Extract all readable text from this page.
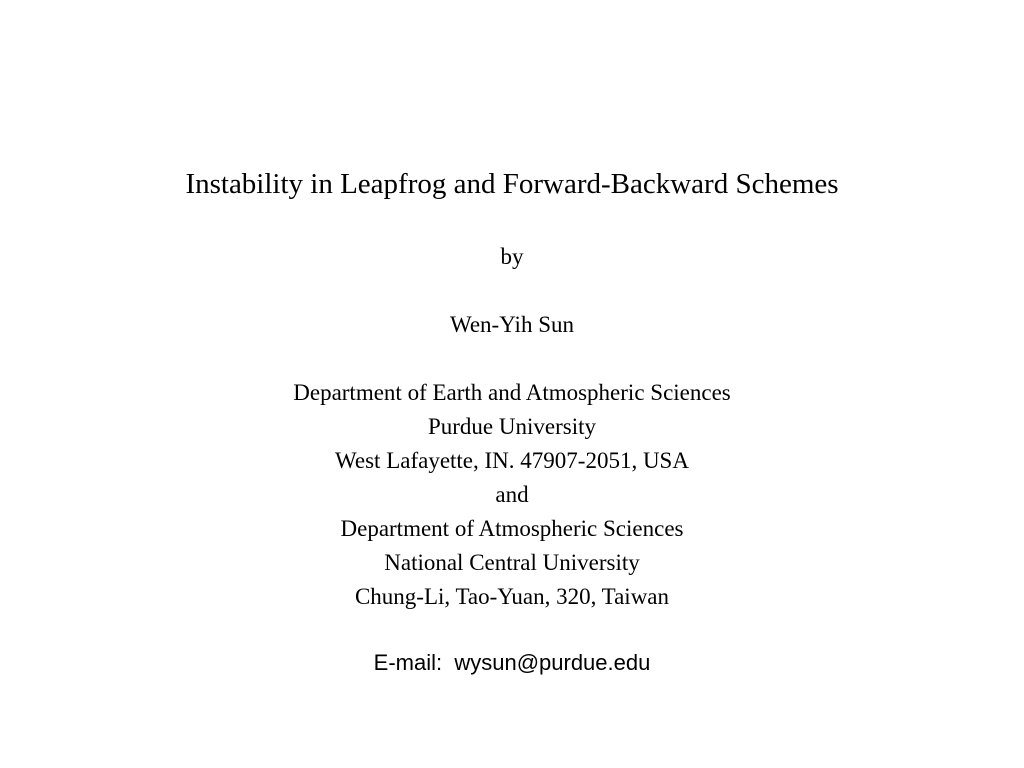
Instability in Leapfrog and Forward-Backward Schemes
by
Wen-Yih Sun
Department of Earth and Atmospheric Sciences
Purdue University
West Lafayette, IN. 47907-2051, USA
and
Department of Atmospheric Sciences
National Central University
Chung-Li, Tao-Yuan, 320, Taiwan
E-mail:  wysun@purdue.edu
